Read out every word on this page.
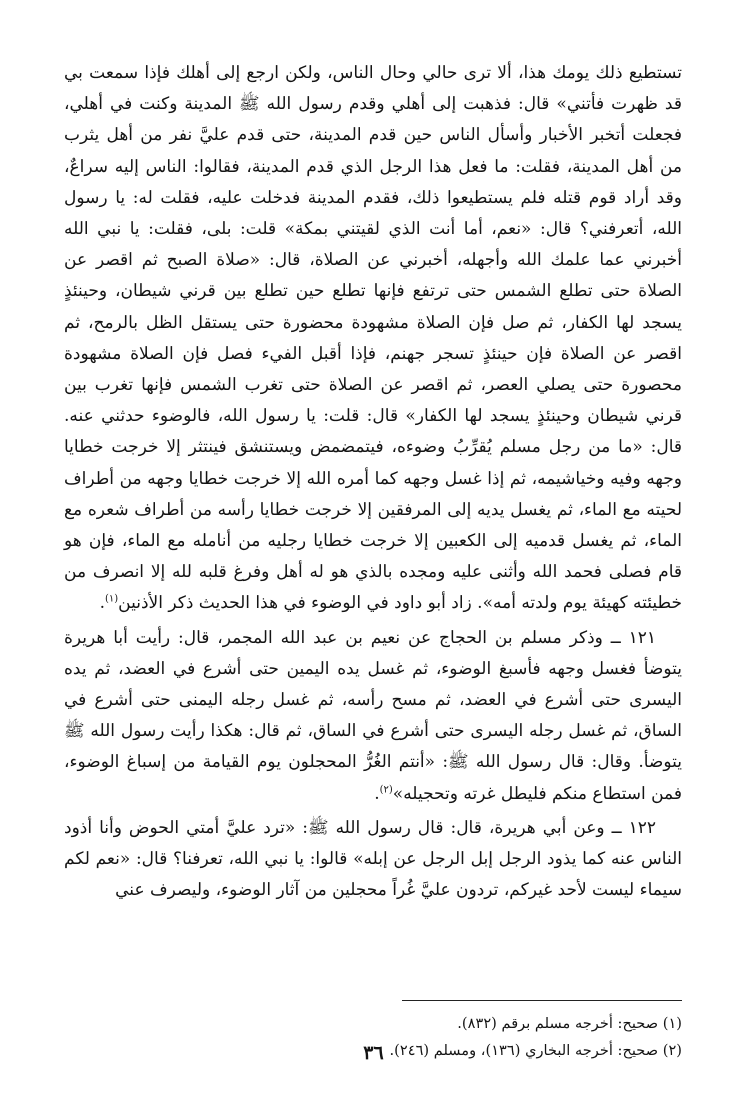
تستطيع ذلك يومك هذا، ألا ترى حالي وحال الناس، ولكن ارجع إلى أهلك فإذا سمعت بي قد ظهرت فأتني» قال: فذهبت إلى أهلي وقدم رسول الله ﷺ المدينة وكنت في أهلي، فجعلت أتخبر الأخبار وأسأل الناس حين قدم المدينة، حتى قدم عليَّ نفر من أهل يثرب من أهل المدينة، فقلت: ما فعل هذا الرجل الذي قدم المدينة، فقالوا: الناس إليه سراعٌ، وقد أراد قوم قتله فلم يستطيعوا ذلك، فقدم المدينة فدخلت عليه، فقلت له: يا رسول الله، أتعرفني؟ قال: «نعم، أما أنت الذي لقيتني بمكة» قلت: بلى، فقلت: يا نبي الله أخبرني عما علمك الله وأجهله، أخبرني عن الصلاة، قال: «صلاة الصبح ثم اقصر عن الصلاة حتى تطلع الشمس حتى ترتفع فإنها تطلع حين تطلع بين قرني شيطان، وحينئذٍ يسجد لها الكفار، ثم صل فإن الصلاة مشهودة محضورة حتى يستقل الظل بالرمح، ثم اقصر عن الصلاة فإن حينئذٍ تسجر جهنم، فإذا أقبل الفيء فصل فإن الصلاة مشهودة محصورة حتى يصلي العصر، ثم اقصر عن الصلاة حتى تغرب الشمس فإنها تغرب بين قرني شيطان وحينئذٍ يسجد لها الكفار» قال: قلت: يا رسول الله، فالوضوء حدثني عنه. قال: «ما من رجل مسلم يُقرِّبُ وضوءه، فيتمضمض ويستنشق فينتثر إلا خرجت خطايا وجهه وفيه وخياشيمه، ثم إذا غسل وجهه كما أمره الله إلا خرجت خطايا وجهه من أطراف لحيته مع الماء، ثم يغسل يديه إلى المرفقين إلا خرجت خطايا رأسه من أطراف شعره مع الماء، ثم يغسل قدميه إلى الكعبين إلا خرجت خطايا رجليه من أنامله مع الماء، فإن هو قام فصلى فحمد الله وأثنى عليه ومجده بالذي هو له أهل وفرغ قلبه لله إلا انصرف من خطيئته كهيئة يوم ولدته أمه». زاد أبو داود في الوضوء في هذا الحديث ذكر الأذنين$^{(١)}$.

١٢١ ــ وذكر مسلم بن الحجاج عن نعيم بن عبد الله المجمر، قال: رأيت أبا هريرة يتوضأ فغسل وجهه فأسبغ الوضوء، ثم غسل يده اليمين حتى أشرع في العضد، ثم يده اليسرى حتى أشرع في العضد، ثم مسح رأسه، ثم غسل رجله اليمنى حتى أشرع في الساق، ثم غسل رجله اليسرى حتى أشرع في الساق، ثم قال: هكذا رأيت رسول الله ﷺ يتوضأ. وقال: قال رسول الله ﷺ: «أنتم الغُرُّ المحجلون يوم القيامة من إسباغ الوضوء، فمن استطاع منكم فليطل غرته وتحجيله»$^{(٢)}$.

١٢٢ ــ وعن أبي هريرة، قال: قال رسول الله ﷺ: «ترد عليَّ أمتي الحوض وأنا أذود الناس عنه كما يذود الرجل إبل الرجل عن إبله» قالوا: يا نبي الله، تعرفنا؟ قال: «نعم لكم سيماء ليست لأحد غيركم، تردون عليَّ غُراً محجلين من آثار الوضوء، وليصرف عني

(١) صحيح: أخرجه مسلم برقم (٨٣٢).
(٢) صحيح: أخرجه البخاري (١٣٦)، ومسلم (٢٤٦).
٣٦
